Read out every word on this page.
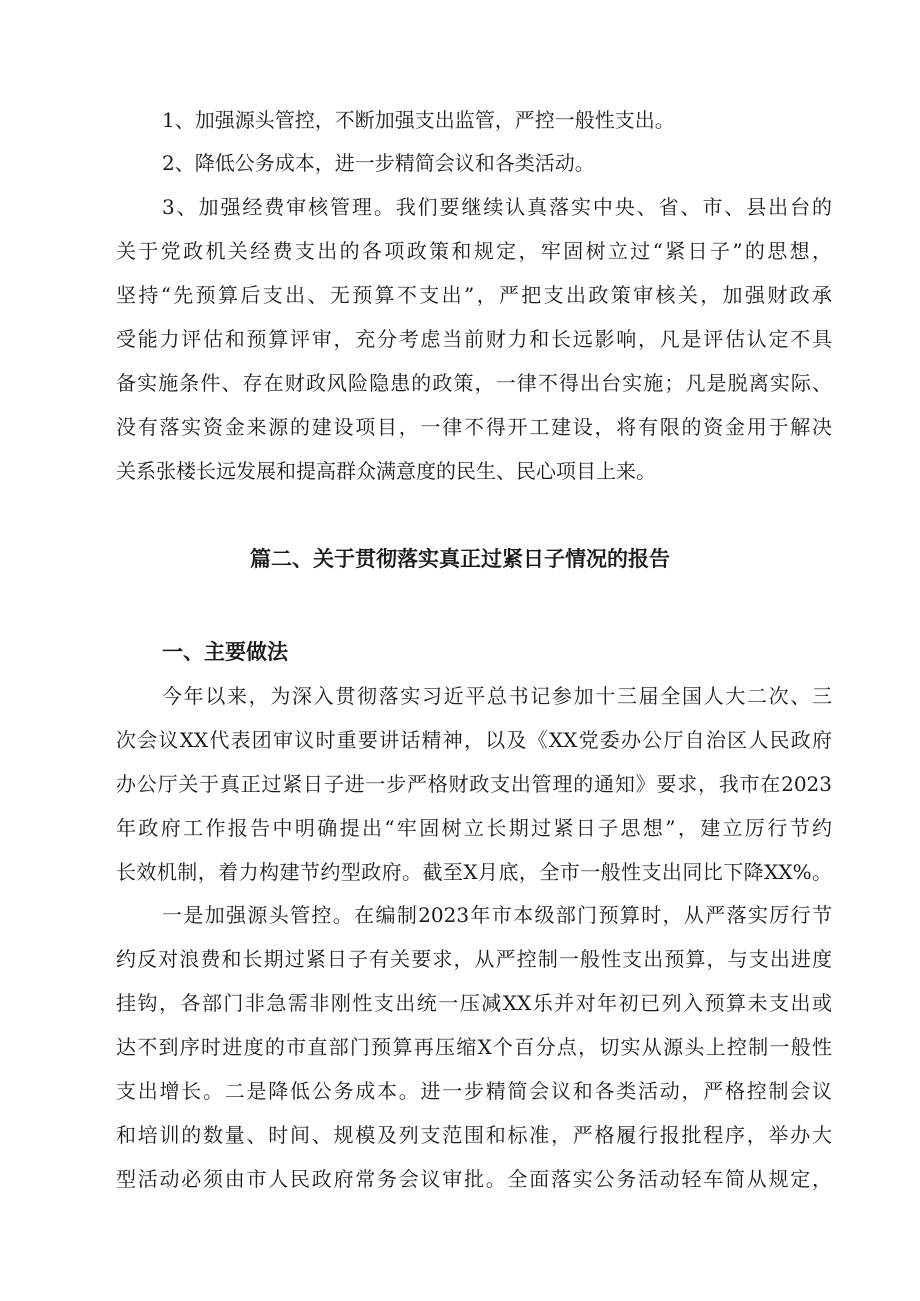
1、加强源头管控，不断加强支出监管，严控一般性支出。
2、降低公务成本，进一步精简会议和各类活动。
3、加强经费审核管理。我们要继续认真落实中央、省、市、县出台的
关于党政机关经费支出的各项政策和规定，牢固树立过“紧日子”的思想，
坚持“先预算后支出、无预算不支出”，严把支出政策审核关，加强财政承
受能力评估和预算评审，充分考虑当前财力和长远影响，凡是评估认定不具
备实施条件、存在财政风险隐患的政策，一律不得出台实施；凡是脱离实际、
没有落实资金来源的建设项目，一律不得开工建设，将有限的资金用于解决
关系张楼长远发展和提高群众满意度的民生、民心项目上来。
篇二、关于贯彻落实真正过紧日子情况的报告
一、主要做法
今年以来，为深入贯彻落实习近平总书记参加十三届全国人大二次、三
次会议XX代表团审议时重要讲话精神，以及《XX党委办公厅自治区人民政府
办公厅关于真正过紧日子进一步严格财政支出管理的通知》要求，我市在2023
年政府工作报告中明确提出“牢固树立长期过紧日子思想”，建立厉行节约
长效机制，着力构建节约型政府。截至X月底，全市一般性支出同比下降XX%。
一是加强源头管控。在编制2023年市本级部门预算时，从严落实厉行节
约反对浪费和长期过紧日子有关要求，从严控制一般性支出预算，与支出进度
挂钩，各部门非急需非刚性支出统一压减XX乐并对年初已列入预算未支出或
达不到序时进度的市直部门预算再压缩X个百分点，切实从源头上控制一般性
支出增长。二是降低公务成本。进一步精简会议和各类活动，严格控制会议
和培训的数量、时间、规模及列支范围和标准，严格履行报批程序，举办大
型活动必须由市人民政府常务会议审批。全面落实公务活动轻车简从规定，
